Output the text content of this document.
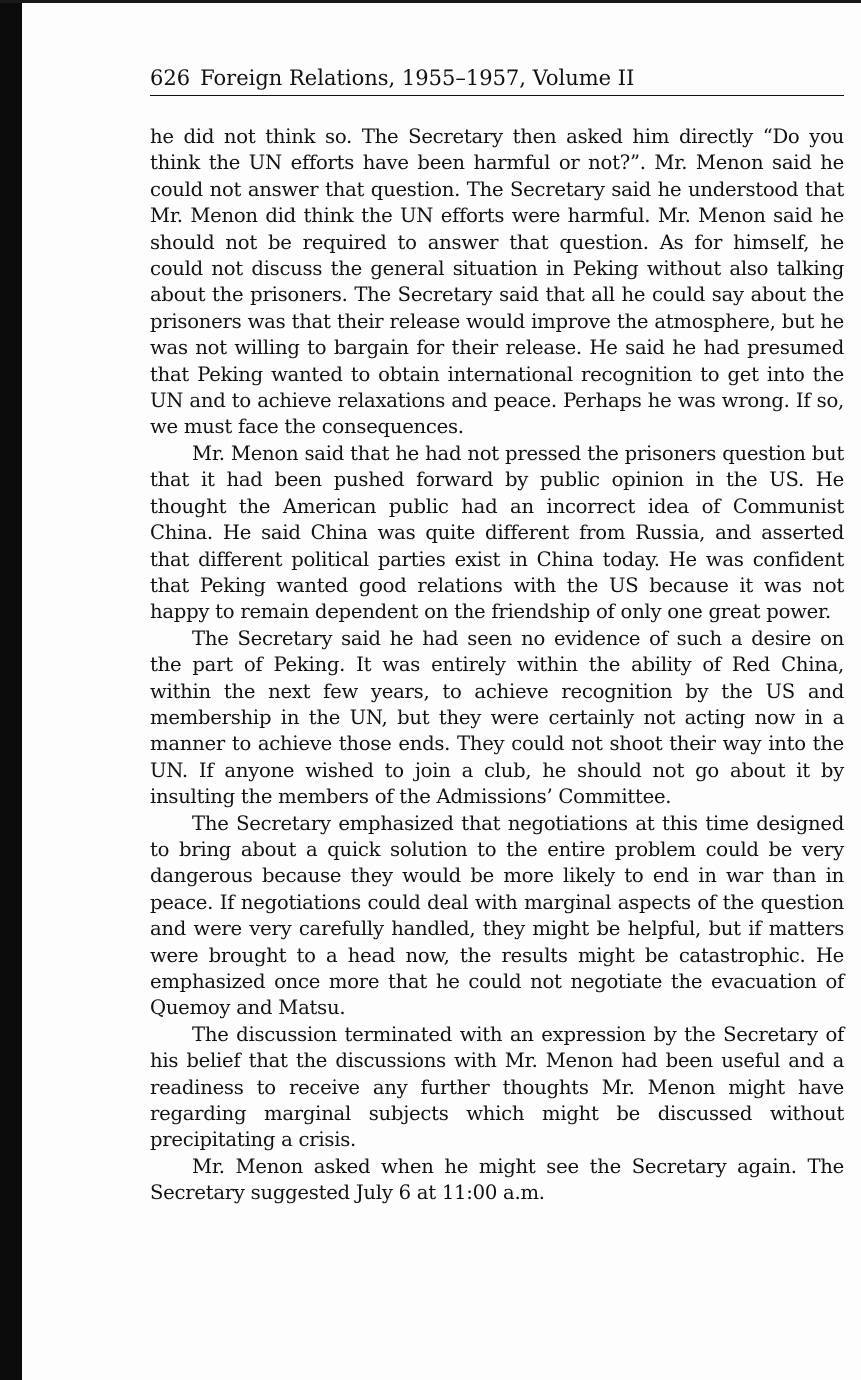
626 Foreign Relations, 1955–1957, Volume II

he did not think so. The Secretary then asked him directly “Do you think the UN efforts have been harmful or not?”. Mr. Menon said he could not answer that question. The Secretary said he understood that Mr. Menon did think the UN efforts were harmful. Mr. Menon said he should not be required to answer that question. As for himself, he could not discuss the general situation in Peking without also talking about the prisoners. The Secretary said that all he could say about the prisoners was that their release would improve the atmosphere, but he was not willing to bargain for their release. He said he had presumed that Peking wanted to obtain international recognition to get into the UN and to achieve relaxations and peace. Perhaps he was wrong. If so, we must face the consequences.

Mr. Menon said that he had not pressed the prisoners question but that it had been pushed forward by public opinion in the US. He thought the American public had an incorrect idea of Communist China. He said China was quite different from Russia, and asserted that different political parties exist in China today. He was confident that Peking wanted good relations with the US because it was not happy to remain dependent on the friendship of only one great power.

The Secretary said he had seen no evidence of such a desire on the part of Peking. It was entirely within the ability of Red China, within the next few years, to achieve recognition by the US and membership in the UN, but they were certainly not acting now in a manner to achieve those ends. They could not shoot their way into the UN. If anyone wished to join a club, he should not go about it by insulting the members of the Admissions’ Committee.

The Secretary emphasized that negotiations at this time designed to bring about a quick solution to the entire problem could be very dangerous because they would be more likely to end in war than in peace. If negotiations could deal with marginal aspects of the question and were very carefully handled, they might be helpful, but if matters were brought to a head now, the results might be catastrophic. He emphasized once more that he could not negotiate the evacuation of Quemoy and Matsu.

The discussion terminated with an expression by the Secretary of his belief that the discussions with Mr. Menon had been useful and a readiness to receive any further thoughts Mr. Menon might have regarding marginal subjects which might be discussed without precipitating a crisis.

Mr. Menon asked when he might see the Secretary again. The Secretary suggested July 6 at 11:00 a.m.
